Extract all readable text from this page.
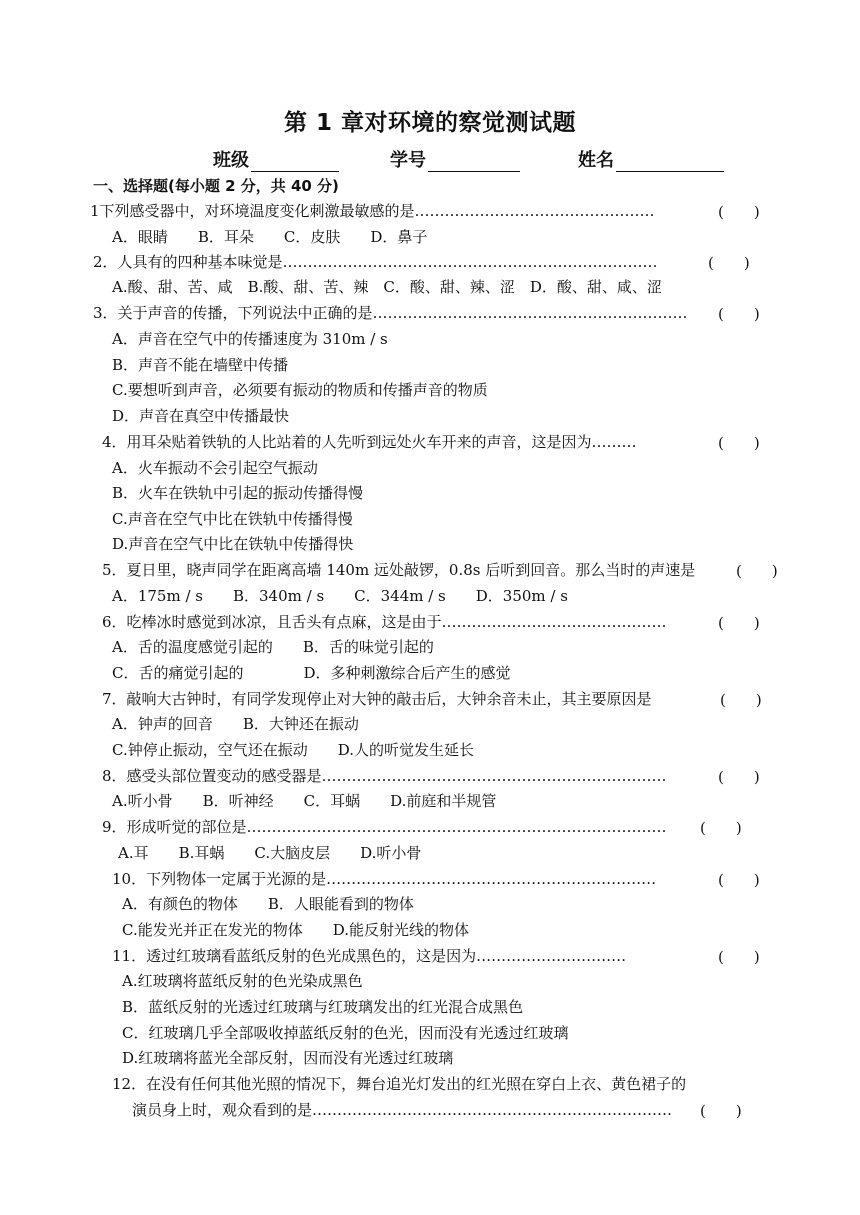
第 1 章对环境的察觉测试题
班级	学号	姓名
一、选择题(每小题 2 分，共 40 分)
1下列感受器中，对环境温度变化刺激最敏感的是…………………………………………	(　　)
A．眼睛　　B．耳朵　　C．皮肤　　D．鼻子
2．人具有的四种基本味觉是…………………………………………………………………	(　　)
A.酸、甜、苦、咸　B.酸、甜、苦、辣　C．酸、甜、辣、涩　D．酸、甜、咸、涩
3．关于声音的传播，下列说法中正确的是……………………………………………………… (　　)
A．声音在空气中的传播速度为 310m / s
B．声音不能在墙壁中传播
C.要想听到声音，必须要有振动的物质和传播声音的物质
D．声音在真空中传播最快
4．用耳朵贴着铁轨的人比站着的人先听到远处火车开来的声音，这是因为………	(　　)
A．火车振动不会引起空气振动
B．火车在铁轨中引起的振动传播得慢
C.声音在空气中比在铁轨中传播得慢
D.声音在空气中比在铁轨中传播得快
5．夏日里，晓声同学在距离高墙 140m 远处敲锣，0.8s 后听到回音。那么当时的声速是	(　　)
A．175m / s　　B．340m / s　　C．344m / s　　D．350m / s
6．吃棒冰时感觉到冰凉，且舌头有点麻，这是由于………………………………………	(　　)
A．舌的温度感觉引起的　　B．舌的味觉引起的
C．舌的痛觉引起的　　　　D．多种刺激综合后产生的感觉
7．敲响大古钟时，有同学发现停止对大钟的敲击后，大钟余音未止，其主要原因是	(　　)
A．钟声的回音　　B．大钟还在振动
C.钟停止振动，空气还在振动　　D.人的听觉发生延长
8．感受头部位置变动的感受器是……………………………………………………………	(　　)
A.听小骨　　B．听神经　　C．耳蜗　　D.前庭和半规管
9．形成听觉的部位是………………………………………………………………………… (　　)
A.耳　　B.耳蜗　　C.大脑皮层　　D.听小骨
10．下列物体一定属于光源的是…………………………………………………………	(　　)
A．有颜色的物体　　B．人眼能看到的物体
C.能发光并正在发光的物体　　D.能反射光线的物体
11．透过红玻璃看蓝纸反射的色光成黑色的，这是因为…………………………	(　　)
A.红玻璃将蓝纸反射的色光染成黑色
B．蓝纸反射的光透过红玻璃与红玻璃发出的红光混合成黑色
C．红玻璃几乎全部吸收掉蓝纸反射的色光，因而没有光透过红玻璃
D.红玻璃将蓝光全部反射，因而没有光透过红玻璃
12．在没有任何其他光照的情况下，舞台追光灯发出的红光照在穿白上衣、黄色裙子的
演员身上时，观众看到的是……………………………………………………………… (　　)
